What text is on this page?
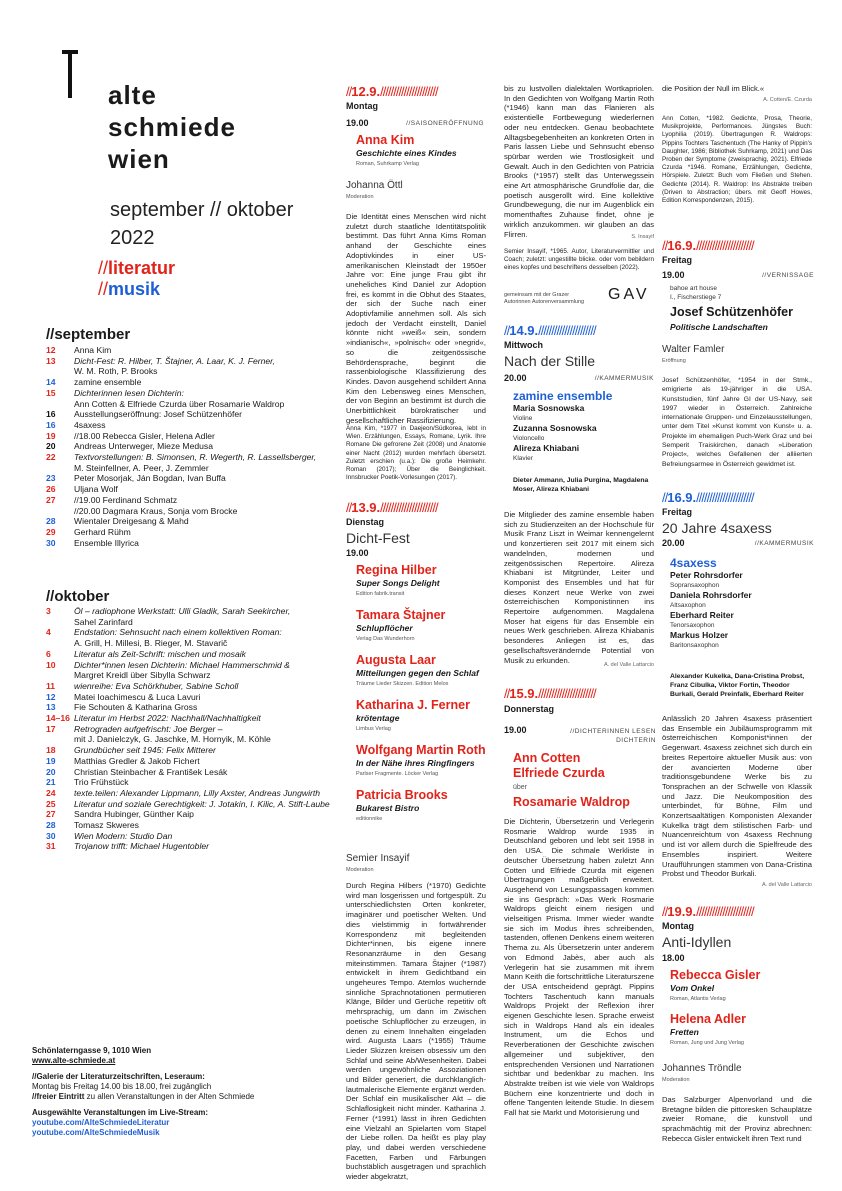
alte
schmiede
wien
september // oktober
2022
//literatur
//musik
//september
12	Anna Kim
13	Dicht-Fest: R. Hilber, T. Štajner, A. Laar, K. J. Ferner,
W. M. Roth, P. Brooks
14	zamine ensemble
15	Dichterinnen lesen Dichterin:
Ann Cotten & Elfriede Czurda über Rosamarie Waldrop
16	Ausstellungseröffnung: Josef Schützenhöfer
16	4saxess
19	//18.00 Rebecca Gisler, Helena Adler
20	Andreas Unterweger, Mieze Medusa
22	Textvorstellungen: B. Simonsen, R. Wegerth, R. Lassellsberger,
M. Steinfellner, A. Peer, J. Zemmler
23	Peter Mosorjak, Ján Bogdan, Ivan Buffa
26	Uljana Wolf
27	//19.00 Ferdinand Schmatz
//20.00 Dagmara Kraus, Sonja vom Brocke
28	Wientaler Dreigesang & Mahd
29	Gerhard Rühm
30	Ensemble Illyrica
//oktober
3	Öl – radiophone Werkstatt: Ulli Gladik, Sarah Seekircher,
Sahel Zarinfard
4	Endstation: Sehnsucht nach einem kollektiven Roman:
A. Grill, H. Millesi, B. Rieger, M. Stavarič
6	Literatur als Zeit-Schrift: mischen und mosaik
10	Dichter*innen lesen Dichterin: Michael Hammerschmid &
Margret Kreidl über Sibylla Schwarz
11	wienreihe: Eva Schörkhuber, Sabine Scholl
12	Matei Ioachimescu & Luca Lavuri
13	Fie Schouten & Katharina Gross
14–16 Literatur im Herbst 2022: Nachhall/Nachhaltigkeit
17	Retrograden aufgefrischt: Joe Berger –
mit J. Danielczyk, G. Jaschke, M. Hornyik, M. Köhle
18	Grundbücher seit 1945: Felix Mitterer
19	Matthias Gredler & Jakob Fichert
20	Christian Steinbacher & František Lesák
21	Trio Frühstück
24	texte.teilen: Alexander Lippmann, Lilly Axster, Andreas Jungwirth
25	Literatur und soziale Gerechtigkeit: J. Jotakin, I. Kilic, A. Stift-Laube
27	Sandra Hubinger, Günther Kaip
28	Tomasz Skweres
30	Wien Modern: Studio Dan
31	Trojanow trifft: Michael Hugentobler
Schönlaterngasse 9, 1010 Wien
www.alte-schmiede.at
//Galerie der Literaturzeitschriften, Leseraum:
Montag bis Freitag 14.00 bis 18.00, frei zugänglich
//freier Eintritt zu allen Veranstaltungen in der Alten Schmiede
Ausgewählte Veranstaltungen im Live-Stream:
youtube.com/AlteSchmiedeLiteratur
youtube.com/AlteSchmiedeMusik
//12.9.//////////////////////
Montag
19.00	//SAISONERÖFFNUNG
Anna Kim
Geschichte eines Kindes
Roman, Suhrkamp Verlag
Johanna Öttl
Moderation
Die Identität eines Menschen wird nicht zuletzt durch staatliche Identitätspolitik bestimmt. Das führt Anna Kims Roman anhand der Geschichte eines Adoptivkindes in einer US-amerikanischen Kleinstadt der 1950er Jahre vor: Eine junge Frau gibt ihr uneheliches Kind Daniel zur Adoption frei, es kommt in die Obhut des Staates, der sich der Suche nach einer Adoptivfamilie annehmen soll. Als sich jedoch der Verdacht einstellt, Daniel könnte nicht »weiß« sein, sondern »indianisch«, »polnisch« oder »negrid«, so die zeitgenössische Behördensprache, beginnt die rassenbiologische Klassifizierung des Kindes. Davon ausgehend schildert Anna Kim den Lebensweg eines Menschen, der von Beginn an bestimmt ist durch die Unerbittlichkeit bürokratischer und gesellschaftlicher Rassifizierung.
Anna Kim, *1977 in Daejeon/Südkorea, lebt in Wien. Erzählungen, Essays, Romane, Lyrik. Ihre Romane Die gefrorene Zeit (2008) und Anatomie einer Nacht (2012) wurden mehrfach übersetzt. Zuletzt erschien (u.a.): Die große Heimkehr. Roman (2017); Über die Beinglichkeit. Innsbrucker Poetik-Vorlesungen (2017).
//13.9.//////////////////////
Dienstag
Dicht-Fest
19.00
Regina Hilber
Super Songs Delight
Edition fabrik.transit
Tamara Štajner
Schlupflöcher
Verlag Das Wunderhorn
Augusta Laar
Mitteilungen gegen den Schlaf
Träume Lieder Skizzen. Edition Melos
Katharina J. Ferner
krötentage
Limbus Verlag
Wolfgang Martin Roth
In der Nähe ihres Ringfingers
Parlser Fragmente. Löcker Verlag
Patricia Brooks
Bukarest Bistro
editionnike
Semier Insayif
Moderation
Durch Regina Hilbers (*1970) Gedichte wird man losgerissen und fortgespült. Zu unterschiedlichsten Orten konkreter, imaginärer und poetischer Welten. Und dies vielstimmig in fortwährender Korrespondenz mit begleitenden Dichter*innen, bis eigene innere Resonanzräume in den Gesang miteinstimmen. Tamara Štajner (*1987) entwickelt in ihrem Gedichtband ein ungeheures Tempo. Atemlos wuchernde sinnliche Sprachnotationen permutieren Klänge, Bilder und Gerüche repetitiv oft mehrsprachig, um dann im Zwischen poetische Schlupflöcher zu erzeugen, in denen zu einem Innehalten eingeladen wird. Augusta Laars (*1955) Träume Lieder Skizzen kreisen obsessiv um den Schlaf und seine Ab/Wesenheiten. Dabei werden ungewöhnliche Assoziationen und Bilder generiert, die durchklanglich-lautmalerische Elemente ergänzt werden. Der Schlaf ein musikalischer Akt – die Schlaflosigkeit nicht minder. Katharina J. Ferner (*1991) lässt in ihren Gedichten eine Vielzahl an Spielarten vom Stapel der Liebe rollen. Da heißt es play play play, und dabei werden verschiedene Facetten, Farben und Färbungen buchstäblich ausgetragen und sprachlich wieder abgekratzt,
bis zu lustvollen dialektalen Wortkapriolen. In den Gedichten von Wolfgang Martin Roth (*1946) kann man das Flanieren als existentielle Fortbewegung wiederlernen oder neu entdecken. Genau beobachtete Alltagsbegebenheiten an konkreten Orten in Paris lassen Liebe und Sehnsucht ebenso spürbar werden wie Trostlosigkeit und Gewalt. Auch in den Gedichten von Patricia Brooks (*1957) stellt das Unterwegssein eine Art atmosphärische Grundfolie dar, die poetisch ausgerollt wird. Eine kollektive Grundbewegung, die nur im Augenblick ein momenthaftes Zuhause findet, ohne je wirklich anzukommen. wir glauben an das Flirren.	S. Insayif
Semier Insayif, *1965. Autor, Literaturvermittler und Coach; zuletzt: ungestillte blicke. oder vom bebildern eines kopfes und beschriftens desselben (2022).
gemeinsam mit der Grazer
Autorinnen Autorenversammlung GAV
//14.9.//////////////////////
Mittwoch
Nach der Stille
20.00	//KAMMERMUSIK
zamine ensemble
Maria Sosnowska
Violine
Zuzanna Sosnowska
Violoncello
Alireza Khiabani
Klavier
Dieter Ammann, Julia Purgina, Magdalena Moser, Alireza Khiabani
Die Mitglieder des zamine ensemble haben sich zu Studienzeiten an der Hochschule für Musik Franz Liszt in Weimar kennengelernt und konzertieren seit 2017 mit einem sich wandelnden, modernen und zeitgenössischen Repertoire. Alireza Khiabani ist Mitgründer, Leiter und Komponist des Ensembles und hat für dieses Konzert neue Werke von zwei österreichischen Komponistinnen ins Repertoire aufgenommen. Magdalena Moser hat eigens für das Ensemble ein neues Werk geschrieben. Alireza Khiabanis besonderes Anliegen ist es, das gesellschaftsverändernde Potential von Musik zu erkunden.
A. del Valle Lattarcio
//15.9.//////////////////////
Donnerstag
19.00	//DICHTERINNEN LESEN
DICHTERIN
Ann Cotten
Elfriede Czurda
über
Rosamarie Waldrop
Die Dichterin, Übersetzerin und Verlegerin Rosmarie Waldrop wurde 1935 in Deutschland geboren und lebt seit 1958 in den USA. Die schmale Werkliste in deutscher Übersetzung haben zuletzt Ann Cotten und Elfriede Czurda mit eigenen Übertragungen maßgeblich erweitert. Ausgehend von Lesungspassagen kommen sie ins Gespräch: »Das Werk Rosmarie Waldrops gleicht einem riesigen und vielseitigen Prisma. Immer wieder wandte sie sich im Modus ihres schreibenden, tastenden, offenen Denkens einem weiteren Thema zu. Als Übersetzerin unter anderem von Edmond Jabès, aber auch als Verlegerin hat sie zusammen mit ihrem Mann Keith die fortschrittliche Literaturszene der USA entscheidend geprägt. Pippins Tochters Taschentuch kann manuals Waldrops Projekt der Reflexion ihrer eigenen Geschichte lesen. Sprache erweist sich in Waldrops Hand als ein ideales Instrument, um die Echos und Reverberationen der Geschichte zwischen allgemeiner und subjektiver, den entsprechenden Versionen und Narrationen sichtbar und bedenkbar zu machen. Ins Abstrakte treiben ist wie viele von Waldrops Büchern eine konzentrierte und doch in offene Tangenten leitende Studie. In diesem Fall hat sie Markt und Motorisierung und
die Position der Null im Blick.«
A. Cotten/E. Czurda
Ann Cotten, *1982. Gedichte, Prosa, Theorie, Musikprojekte, Performances. Jüngstes Buch: Lyophilia (2019). Übertragungen R. Waldrops: Pippins Tochters Taschentuch (The Hanky of Pippin's Daughter, 1986; Bibliothek Suhrkamp, 2021) und Das Proben der Symptome (zweisprachig, 2021). Elfriede Czurda *1946. Romane, Erzählungen, Gedichte, Hörspiele. Zuletzt: Buch vom Fließen und Stehen. Gedichte (2014). R. Waldrop: Ins Abstrakte treiben (Driven to Abstraction; übers. mit Geoff Howes, Edition Korrespondenzen, 2015).
//16.9.//////////////////////
Freitag
19.00	//VERNISSAGE
bahoe art house
I., Fischerstiege 7
Josef Schützenhöfer
Politische Landschaften
Walter Famler
Eröffnung
Josef Schützenhöfer, *1954 in der Stmk., emigrierte als 19-jähriger in die USA. Kunststudien, fünf Jahre GI der US-Navy, seit 1997 wieder in Österreich. Zahlreiche internationale Gruppen- und Einzelausstellungen, unter dem Titel »Kunst kommt von Kunst« u. a. Projekte im ehemaligen Puch-Werk Graz und bei Semperit Traiskirchen, danach »Liberation Project«, welches Gefallenen der alliierten Befreiungsarmee in Österreich gewidmet ist.
//16.9.//////////////////////
Freitag
20 Jahre 4saxess
20.00	//KAMMERMUSIK
4saxess
Peter Rohrsdorfer
Sopransaxophon
Daniela Rohrsdorfer
Altsaxophon
Eberhard Reiter
Tenorsaxophon
Markus Holzer
Baritonsaxophon
Alexander Kukelka, Dana-Cristina Probst, Franz Cibulka, Viktor Fortin, Theodor Burkali, Gerald Preinfalk, Eberhard Reiter
Anlässlich 20 Jahren 4saxess präsentiert das Ensemble ein Jubiläumsprogramm mit österreichischen Komponist*innen der Gegenwart. 4saxess zeichnet sich durch ein breites Repertoire aktueller Musik aus: von der avancierten Moderne über traditionsgebundene Werke bis zu Tonsprachen an der Schwelle von Klassik und Jazz. Die Neukomposition des unterbindet, für Bühne, Film und Konzertsaaltätigen Komponisten Alexander Kukelka trägt dem stilistischen Farb- und Nuancenreichtum von 4saxess Rechnung und ist vor allem durch die Spielfreude des Ensembles inspiriert. Weitere Uraufführungen stammen von Dana-Cristina Probst und Theodor Burkali.
A. del Valle Lattarcio
//19.9.//////////////////////
Montag
Anti-Idyllen
18.00
Rebecca Gisler
Vom Onkel
Roman, Atlantis Verlag
Helena Adler
Fretten
Roman, Jung und Jung Verlag
Johannes Tröndle
Moderation
Das Salzburger Alpenvorland und die Bretagne bilden die pittoresken Schauplätze zweier Romane, die kunstvoll und sprachmächtig mit der Provinz abrechnen: Rebecca Gisler entwickelt ihren Text rund
